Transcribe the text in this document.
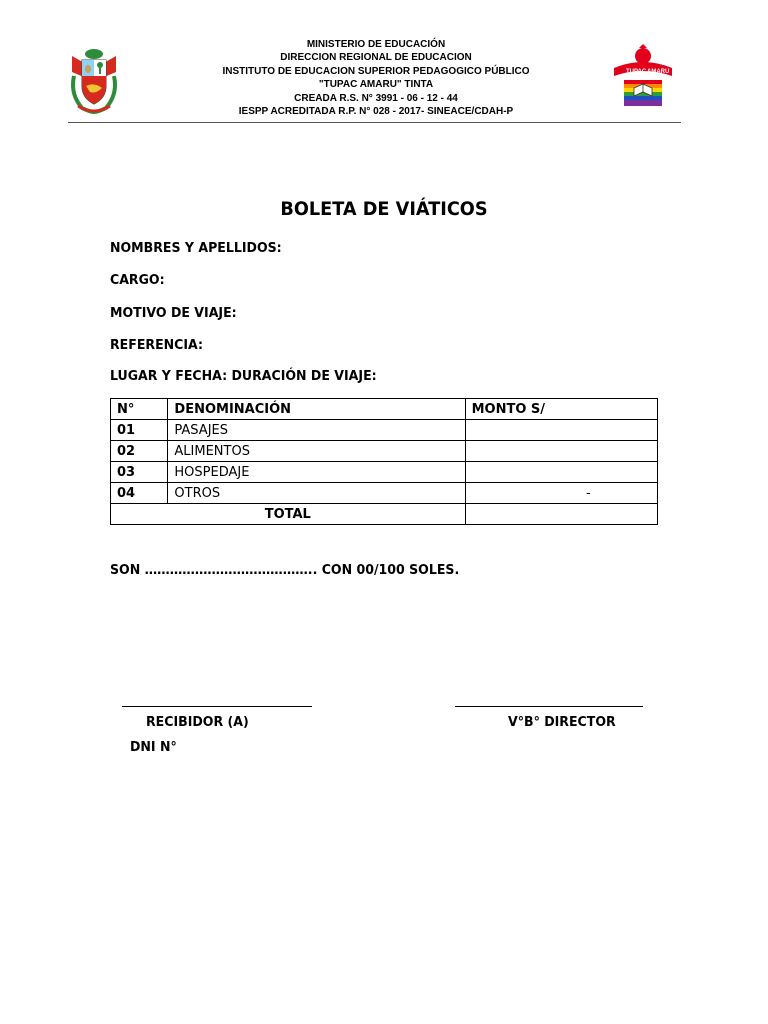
MINISTERIO DE EDUCACIÓN
DIRECCION REGIONAL DE EDUCACION
INSTITUTO DE EDUCACION SUPERIOR PEDAGOGICO PÚBLICO
"TUPAC AMARU" TINTA
CREADA R.S. N° 3991 - 06 - 12 - 44
IESPP ACREDITADA R.P. N° 028 - 2017- SINEACE/CDAH-P
TUPAC AMARU
BOLETA DE VIÁTICOS
NOMBRES Y APELLIDOS:
CARGO:
MOTIVO DE VIAJE:
REFERENCIA:
LUGAR Y FECHA: DURACIÓN DE VIAJE:
N°	DENOMINACIÓN	MONTO S/
01	PASAJES	
02	ALIMENTOS	
03	HOSPEDAJE	
04	OTROS	-
TOTAL		
SON ………………………………….. CON 00/100 SOLES.
RECIBIDOR (A)	V°B° DIRECTOR
DNI N°
